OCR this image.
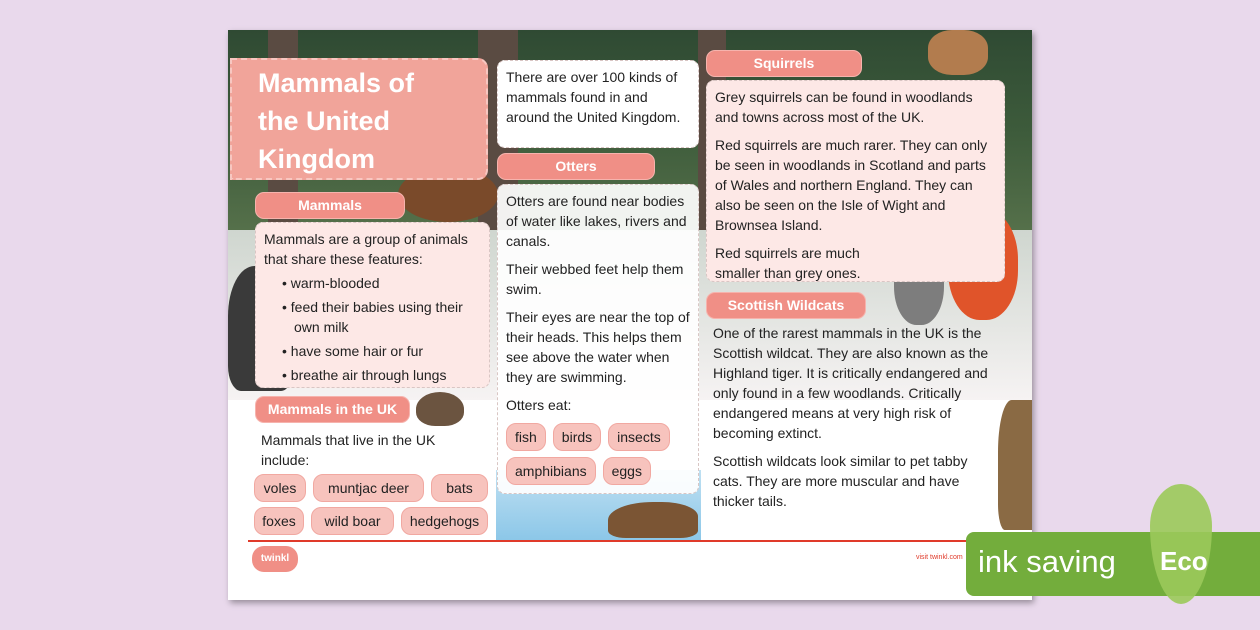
Mammals of the United Kingdom
Mammals
Mammals are a group of animals that share these features:
• warm-blooded
• feed their babies using their own milk
• have some hair or fur
• breathe air through lungs
Mammals in the UK
Mammals that live in the UK include:
voles	muntjac deer	bats
foxes	wild boar	hedgehogs
There are over 100 kinds of mammals found in and around the United Kingdom.
Otters

Otters are found near bodies of water like lakes, rivers and canals.

Their webbed feet help them swim.

Their eyes are near the top of their heads. This helps them see above the water when they are swimming.

Otters eat:

fish	birds	insects
amphibians	eggs
Squirrels

Grey squirrels can be found in woodlands and towns across most of the UK.

Red squirrels are much rarer. They can only be seen in woodlands in Scotland and parts of Wales and northern England. They can also be seen on the Isle of Wight and Brownsea Island.

Red squirrels are much smaller than grey ones.

Scottish Wildcats

One of the rarest mammals in the UK is the Scottish wildcat. They are also known as the Highland tiger. It is critically endangered and only found in a few woodlands. Critically endangered means at very high risk of becoming extinct.

Scottish wildcats look similar to pet tabby cats. They are more muscular and have thicker tails.

twinkl	visit twinkl.com ink saving	Eco
